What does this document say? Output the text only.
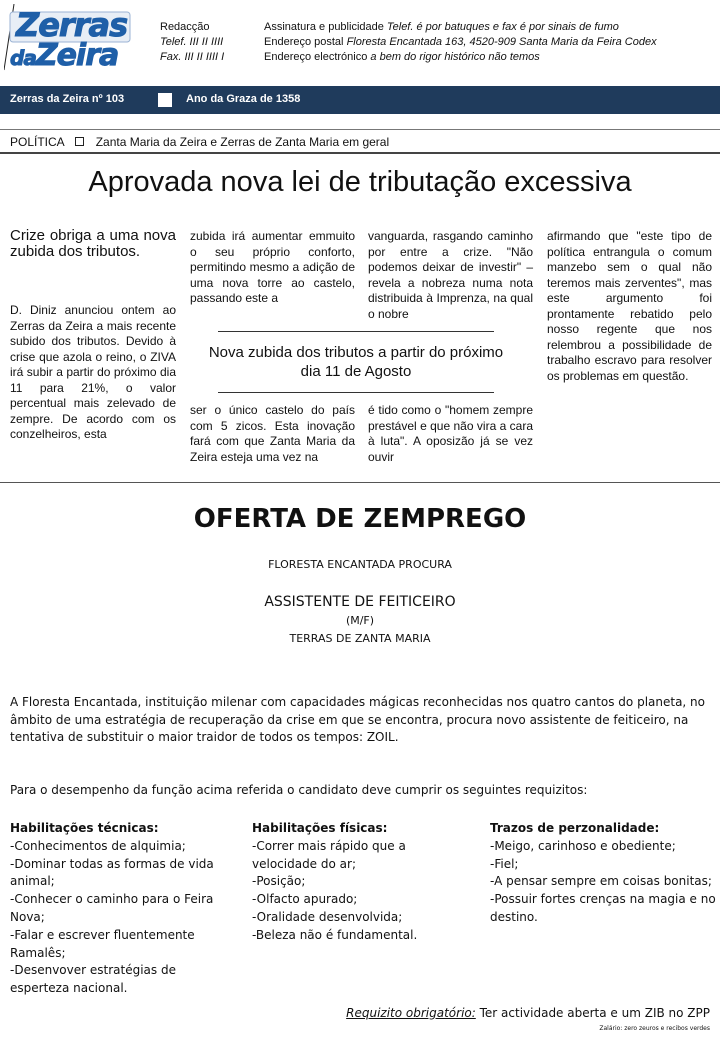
Zerras
daZeira
Redacção
Telef. III II IIII
Fax. III II IIII I
Assinatura e publicidade Telef. é por batuques e fax é por sinais de fumo
Endereço postal Floresta Encantada 163, 4520-909 Santa Maria da Feira Codex
Endereço electrónico a bem do rigor histórico não temos
Zerras da Zeira nº 103	Ano da Graza de 1358
POLÍTICA	Zanta Maria da Zeira e Zerras de Zanta Maria em geral
Aprovada nova lei de tributação excessiva
Crize obriga a uma nova zubida dos tributos.
D. Diniz anunciou ontem ao Zerras da Zeira a mais recente subido dos tributos. Devido à crise que azola o reino, o ZIVA irá subir a partir do próximo dia 11 para 21%, o valor percentual mais zelevado de zempre. De acordo com os conzelheiros, esta
zubida irá aumentar emmuito o seu próprio conforto, permitindo mesmo a adição de uma nova torre ao castelo, passando este a
vanguarda, rasgando caminho por entre a crize. "Não podemos deixar de investir" – revela a nobreza numa nota distribuida à Imprenza, na qual o nobre
afirmando que "este tipo de política entrangula o comum manzebo sem o qual não teremos mais zerventes", mas este argumento foi prontamente rebatido pelo nosso regente que nos relembrou a possibilidade de trabalho escravo para resolver os problemas em questão.
Nova zubida dos tributos a partir do próximo dia 11 de Agosto
ser o único castelo do país com 5 zicos. Esta inovação fará com que Zanta Maria da Zeira esteja uma vez na
é tido como o "homem zempre prestável e que não vira a cara à luta". A oposizão já se vez ouvir
OFERTA DE ZEMPREGO
FLORESTA ENCANTADA PROCURA
ASSISTENTE DE FEITICEIRO
(M/F)
TERRAS DE ZANTA MARIA
A Floresta Encantada, instituição milenar com capacidades mágicas reconhecidas nos quatro cantos do planeta, no âmbito de uma estratégia de recuperação da crise em que se encontra, procura novo assistente de feiticeiro, na tentativa de substituir o maior traidor de todos os tempos: ZOIL.
Para o desempenho da função acima referida o candidato deve cumprir os seguintes requizitos:
Habilitações técnicas:
-Conhecimentos de alquimia;
-Dominar todas as formas de vida animal;
-Conhecer o caminho para o Feira Nova;
-Falar e escrever fluentemente Ramalês;
-Desenvover estratégias de esperteza nacional.
Habilitações físicas:
-Correr mais rápido que a velocidade do ar;
-Posição;
-Olfacto apurado;
-Oralidade desenvolvida;
-Beleza não é fundamental.
Trazos de perzonalidade:
-Meigo, carinhoso e obediente;
-Fiel;
-A pensar sempre em coisas bonitas;
-Possuir fortes crenças na magia e no destino.
Requizito obrigatório: Ter actividade aberta e um ZIB no ZPP
Zalário: zero zeuros e recibos verdes
